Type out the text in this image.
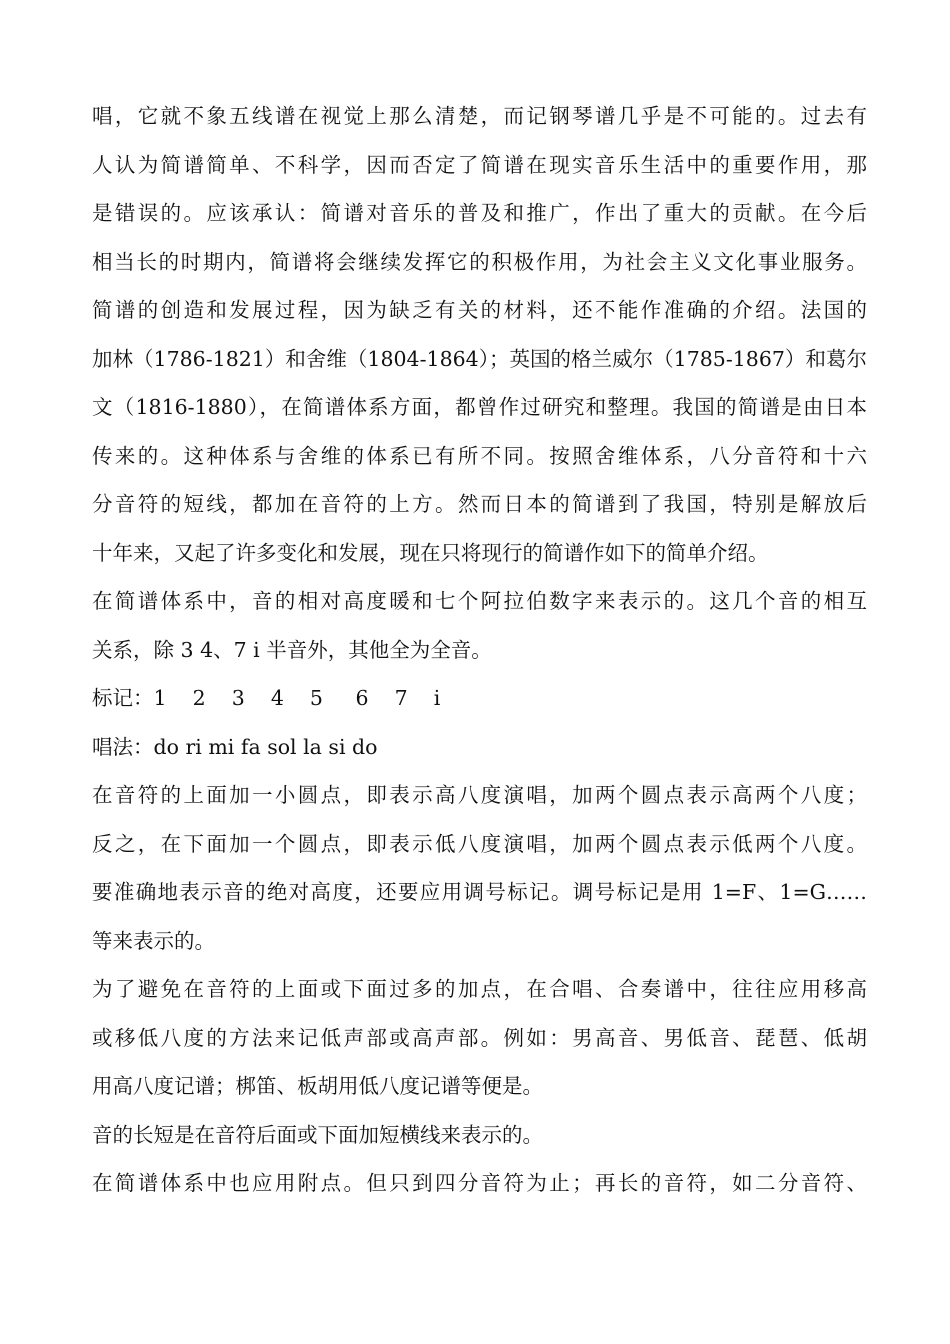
唱，它就不象五线谱在视觉上那么清楚，而记钢琴谱几乎是不可能的。过去有
人认为简谱简单、不科学，因而否定了简谱在现实音乐生活中的重要作用，那
是错误的。应该承认：简谱对音乐的普及和推广，作出了重大的贡献。在今后
相当长的时期内，简谱将会继续发挥它的积极作用，为社会主义文化事业服务。
简谱的创造和发展过程，因为缺乏有关的材料，还不能作准确的介绍。法国的
加林（1786-1821）和舍维（1804-1864）；英国的格兰威尔（1785-1867）和葛尔
文（1816-1880），在简谱体系方面，都曾作过研究和整理。我国的简谱是由日本
传来的。这种体系与舍维的体系已有所不同。按照舍维体系，八分音符和十六
分音符的短线，都加在音符的上方。然而日本的简谱到了我国，特别是解放后
十年来，又起了许多变化和发展，现在只将现行的简谱作如下的简单介绍。
在简谱体系中，音的相对高度暖和七个阿拉伯数字来表示的。这几个音的相互
关系，除 3 4、7 i 半音外，其他全为全音。
标记：1    2    3    4    5     6    7    i
唱法：do ri mi fa sol la si do
在音符的上面加一小圆点，即表示高八度演唱，加两个圆点表示高两个八度；
反之，在下面加一个圆点，即表示低八度演唱，加两个圆点表示低两个八度。
要准确地表示音的绝对高度，还要应用调号标记。调号标记是用 1=F、1=G……
等来表示的。
为了避免在音符的上面或下面过多的加点，在合唱、合奏谱中，往往应用移高
或移低八度的方法来记低声部或高声部。例如：男高音、男低音、琵琶、低胡
用高八度记谱；梆笛、板胡用低八度记谱等便是。
音的长短是在音符后面或下面加短横线来表示的。
在简谱体系中也应用附点。但只到四分音符为止；再长的音符，如二分音符、
